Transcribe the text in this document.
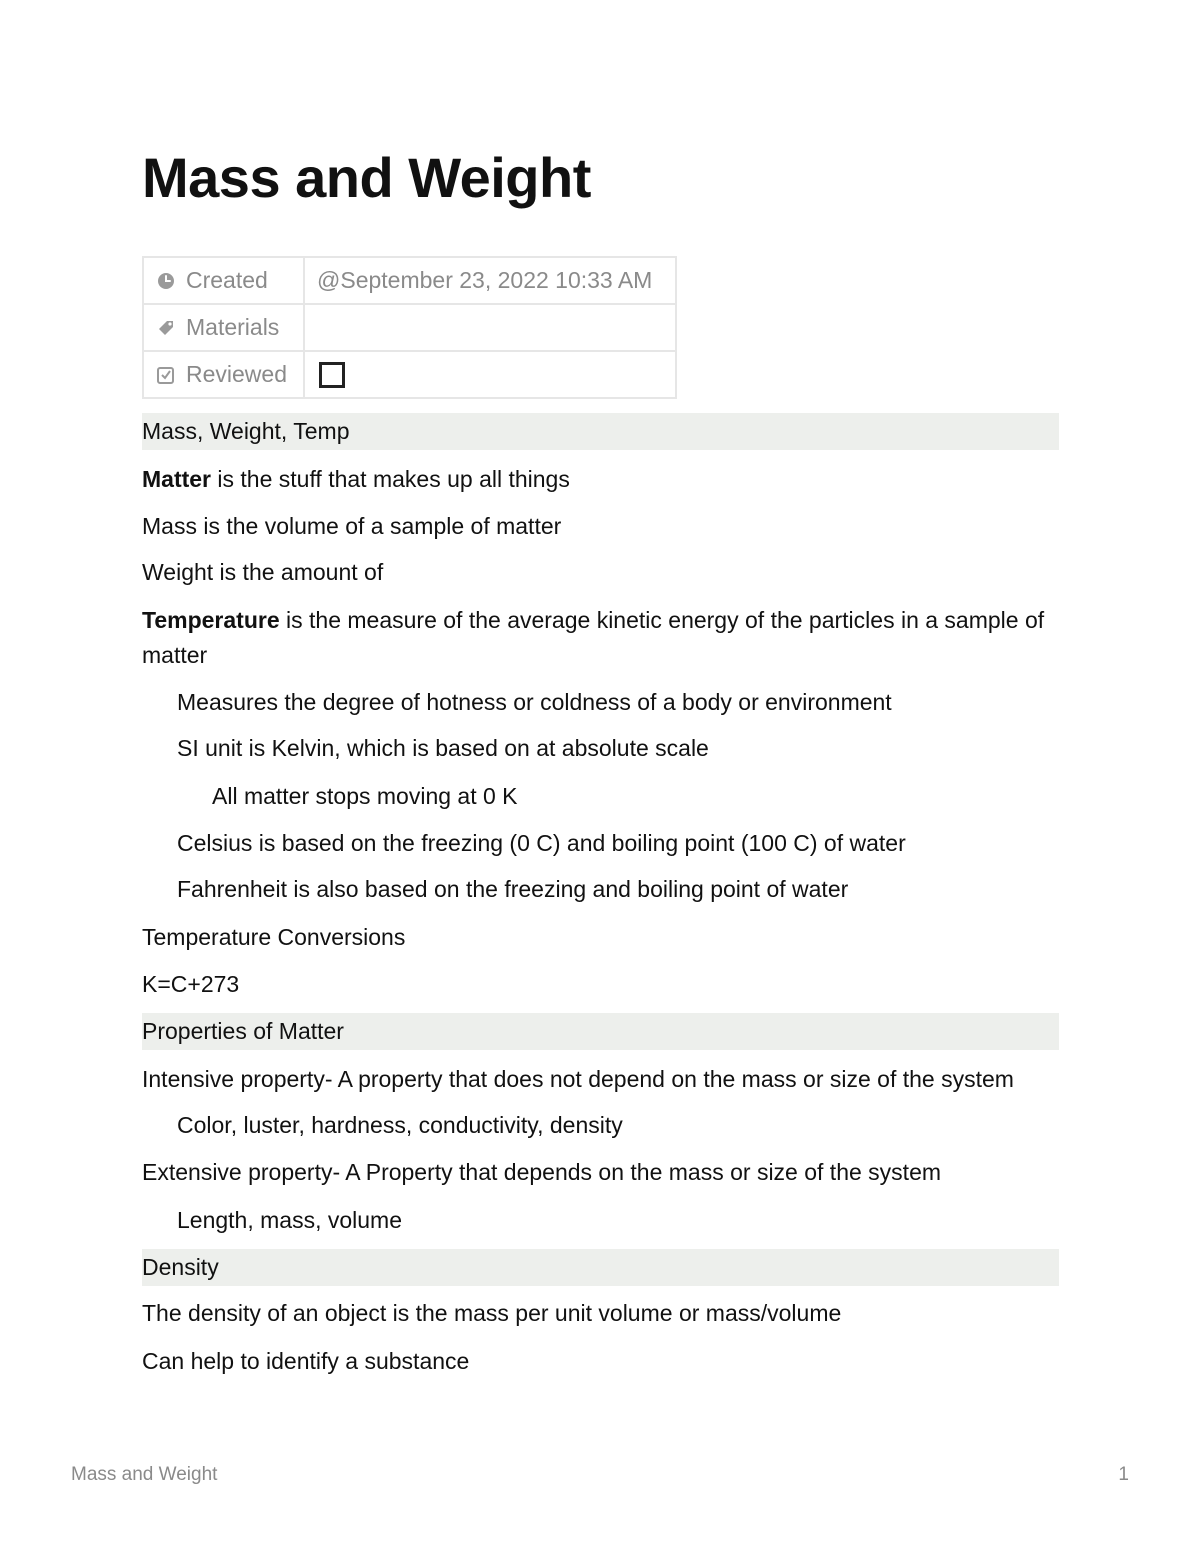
Mass and Weight
Created	@September 23, 2022 10:33 AM
Materials	
Reviewed	
Mass, Weight, Temp
Matter is the stuff that makes up all things
Mass is the volume of a sample of matter
Weight is the amount of
Temperature is the measure of the average kinetic energy of the particles in a sample of matter
Measures the degree of hotness or coldness of a body or environment
SI unit is Kelvin, which is based on at absolute scale
All matter stops moving at 0 K
Celsius is based on the freezing (0 C) and boiling point (100 C) of water
Fahrenheit is also based on the freezing and boiling point of water
Temperature Conversions
K=C+273
Properties of Matter
Intensive property- A property that does not depend on the mass or size of the system
Color, luster, hardness, conductivity, density
Extensive property- A Property that depends on the mass or size of the system
Length, mass, volume
Density
The density of an object is the mass per unit volume or mass/volume
Can help to identify a substance
Mass and Weight	1
